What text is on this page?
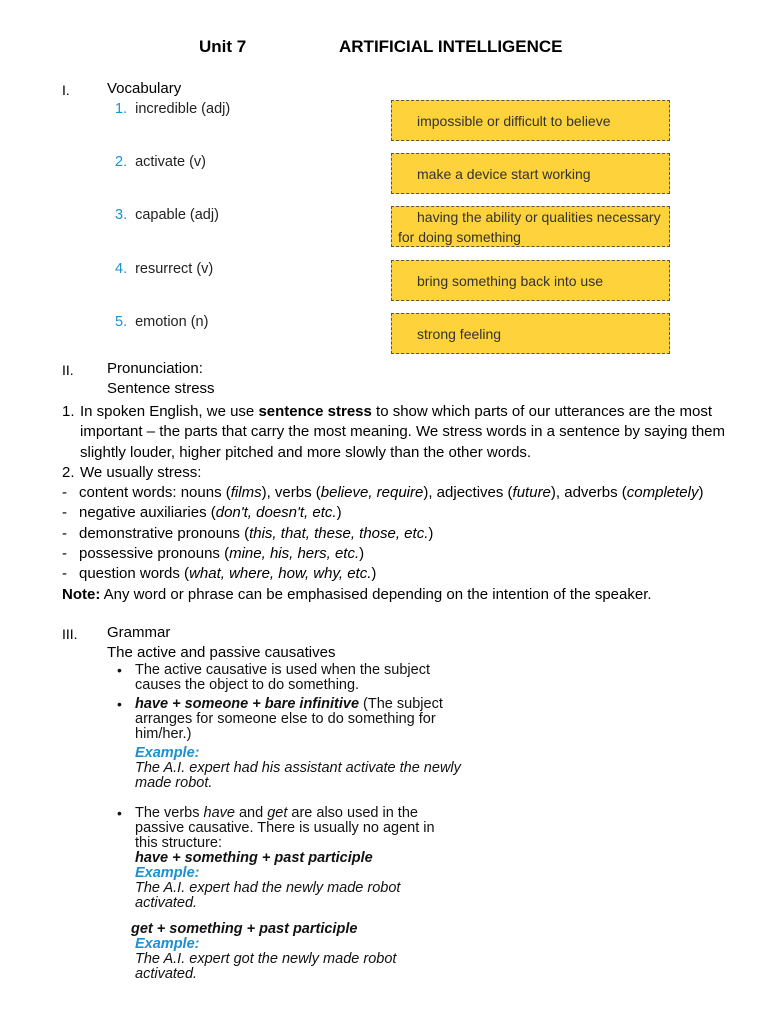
Unit 7	ARTIFICIAL INTELLIGENCE
I. Vocabulary
1. incredible (adj)
2. activate (v)
3. capable (adj)
4. resurrect (v)
5. emotion (n)
impossible or difficult to believe
make a device start working
having the ability or qualities necessary for doing something
bring something back into use
strong feeling
II. Pronunciation:
Sentence stress
1. In spoken English, we use sentence stress to show which parts of our utterances are the most important – the parts that carry the most meaning. We stress words in a sentence by saying them slightly louder, higher pitched and more slowly than the other words.
2. We usually stress:
- content words: nouns (films), verbs (believe, require), adjectives (future), adverbs (completely)
- negative auxiliaries (don't, doesn't, etc.)
- demonstrative pronouns (this, that, these, those, etc.)
- possessive pronouns (mine, his, hers, etc.)
- question words (what, where, how, why, etc.)
Note: Any word or phrase can be emphasised depending on the intention of the speaker.
III. Grammar
The active and passive causatives
• The active causative is used when the subject
causes the object to do something.
• have + someone + bare infinitive (The subject
arranges for someone else to do something for
him/her.)
Example:
The A.I. expert had his assistant activate the newly
made robot.
• The verbs have and get are also used in the
passive causative. There is usually no agent in
this structure:
have + something + past participle
Example:
The A.I. expert had the newly made robot
activated.
get + something + past participle
Example:
The A.I. expert got the newly made robot
activated.
